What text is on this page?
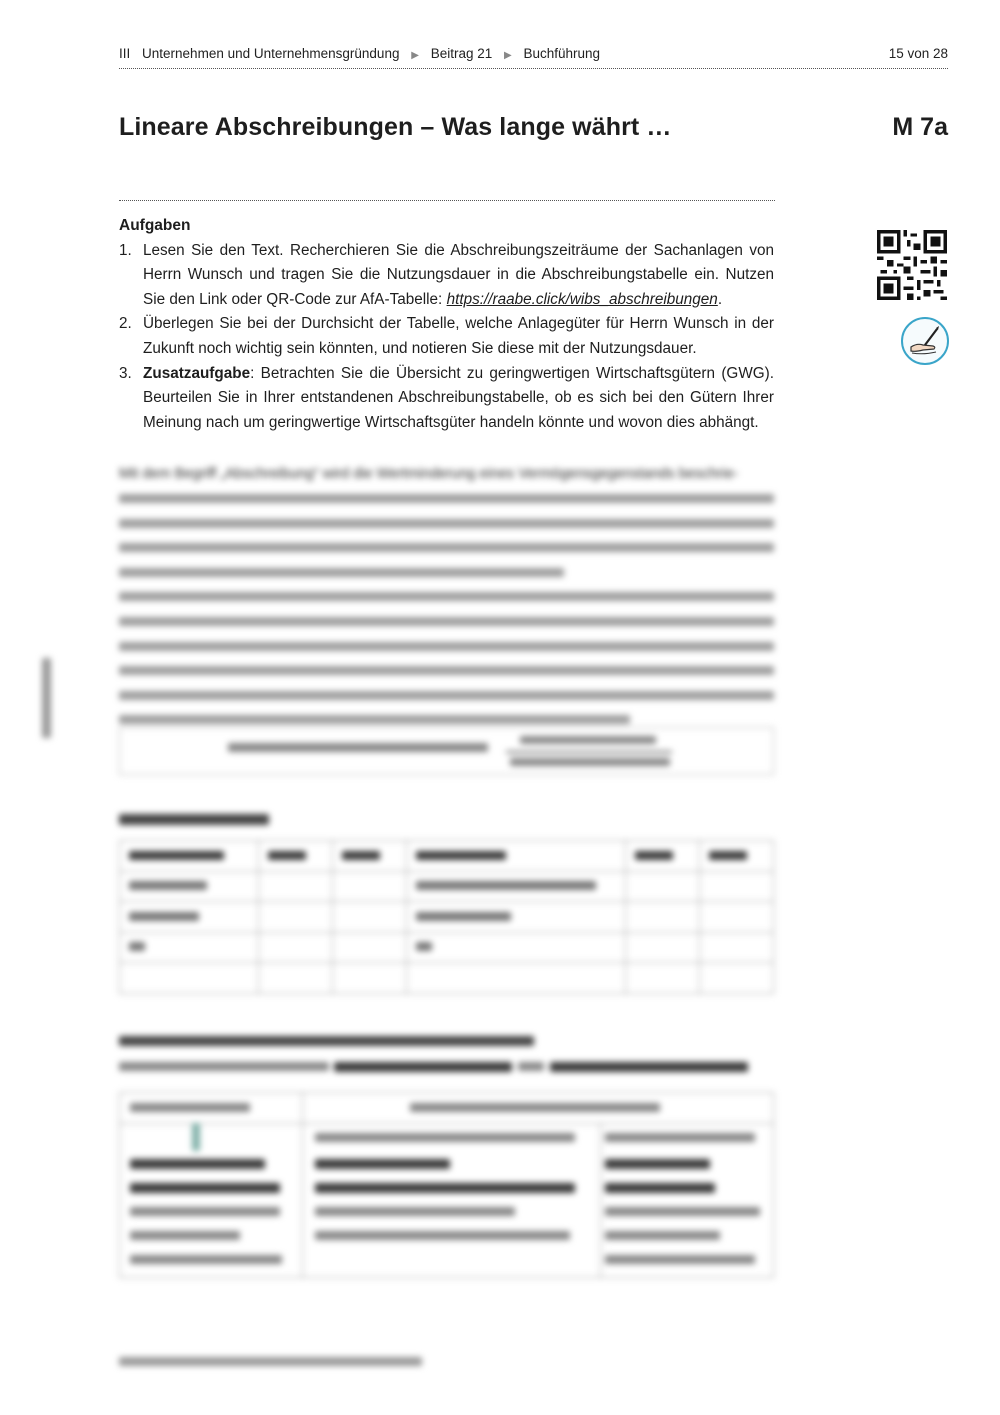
III Unternehmen und Unternehmensgründung ▶ Beitrag 21 ▶ Buchführung	15 von 28
Lineare Abschreibungen – Was lange währt …	M 7a
Aufgaben
1. Lesen Sie den Text. Recherchieren Sie die Abschreibungszeiträume der Sachanlagen von Herrn Wunsch und tragen Sie die Nutzungsdauer in die Abschreibungstabelle ein. Nutzen Sie den Link oder QR-Code zur AfA-Tabelle: https://raabe.click/wibs_abschreibungen.
2. Überlegen Sie bei der Durchsicht der Tabelle, welche Anlagegüter für Herrn Wunsch in der Zukunft noch wichtig sein könnten, und notieren Sie diese mit der Nutzungsdauer.
3. Zusatzaufgabe: Betrachten Sie die Übersicht zu geringwertigen Wirtschaftsgütern (GWG). Beurteilen Sie in Ihrer entstandenen Abschreibungstabelle, ob es sich bei den Gütern Ihrer Meinung nach um geringwertige Wirtschaftsgüter handeln könnte und wovon dies abhängt.
Mit dem Begriff „Abschreibung“ wird die Wertminderung eines Vermögensgegenstands beschrie-
